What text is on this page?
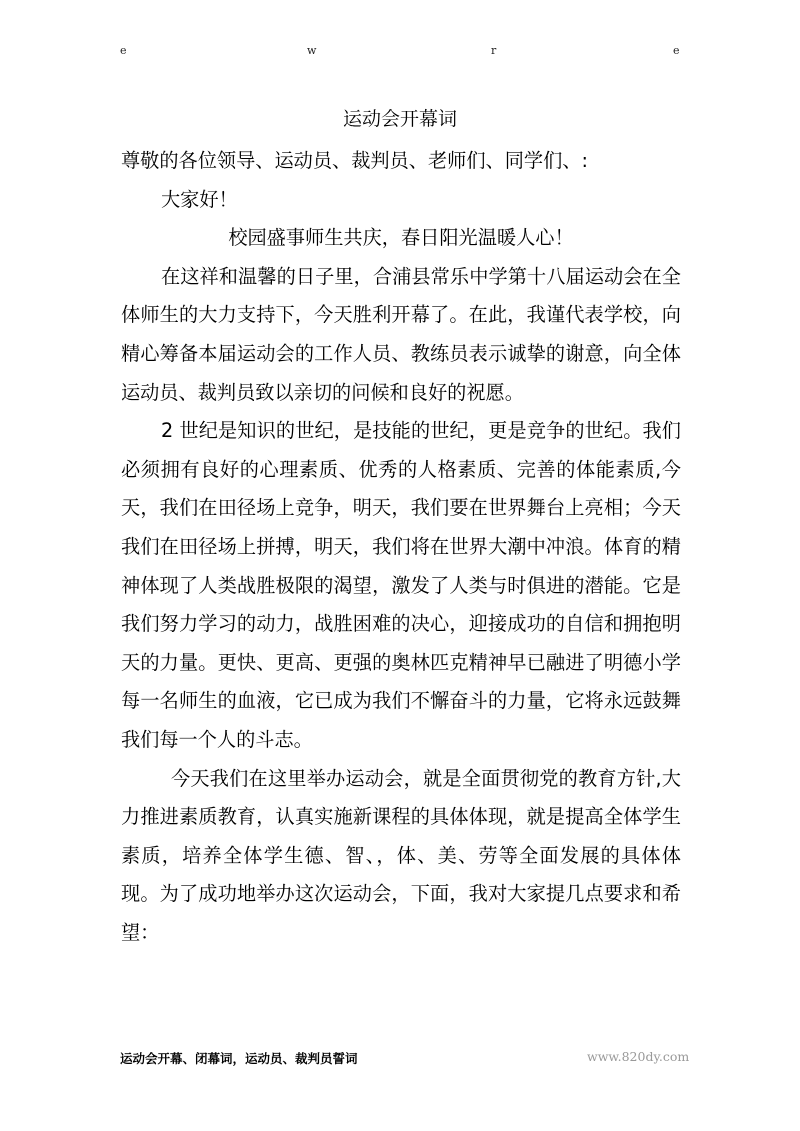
e	w	r	e
运动会开幕词

尊敬的各位领导、运动员、裁判员、老师们、同学们、:

大家好！

校园盛事师生共庆，春日阳光温暖人心！

在这祥和温馨的日子里，合浦县常乐中学第十八届运动会在全体师生的大力支持下，今天胜利开幕了。在此，我谨代表学校，向精心筹备本届运动会的工作人员、教练员表示诚挚的谢意，向全体运动员、裁判员致以亲切的问候和良好的祝愿。

2 世纪是知识的世纪，是技能的世纪，更是竞争的世纪。我们必须拥有良好的心理素质、优秀的人格素质、完善的体能素质,今天，我们在田径场上竞争，明天，我们要在世界舞台上亮相；今天我们在田径场上拼搏，明天，我们将在世界大潮中冲浪。体育的精神体现了人类战胜极限的渴望，激发了人类与时俱进的潜能。它是我们努力学习的动力，战胜困难的决心，迎接成功的自信和拥抱明天的力量。更快、更高、更强的奥林匹克精神早已融进了明德小学每一名师生的血液，它已成为我们不懈奋斗的力量，它将永远鼓舞我们每一个人的斗志。

今天我们在这里举办运动会，就是全面贯彻党的教育方针,大力推进素质教育，认真实施新课程的具体体现，就是提高全体学生素质，培养全体学生德、智、，体、美、劳等全面发展的具体体现。为了成功地举办这次运动会，下面，我对大家提几点要求和希望：

运动会开幕、闭幕词，运动员、裁判员誓词	www.820dy.com
